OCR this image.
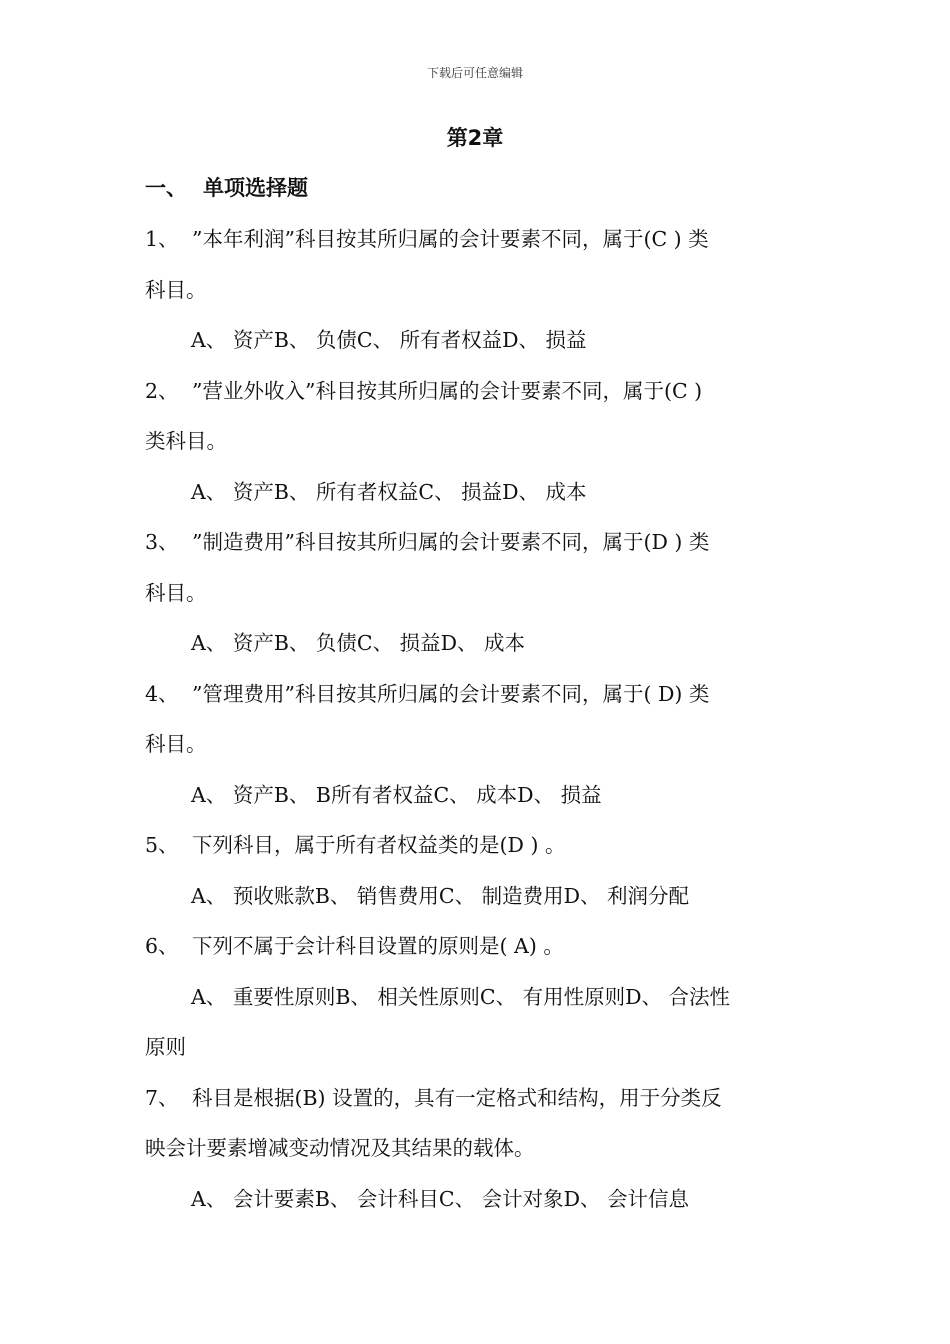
下载后可任意编辑
第2章
一、 单项选择题
1、 ”本年利润”科目按其所归属的会计要素不同，属于(C ) 类
科目。
A、 资产B、 负债C、 所有者权益D、 损益
2、 ”营业外收入”科目按其所归属的会计要素不同，属于(C )
类科目。
A、 资产B、 所有者权益C、 损益D、 成本
3、 ”制造费用”科目按其所归属的会计要素不同，属于(D ) 类
科目。
A、 资产B、 负债C、 损益D、 成本
4、 ”管理费用”科目按其所归属的会计要素不同，属于( D) 类
科目。
A、 资产B、 B所有者权益C、 成本D、 损益
5、 下列科目，属于所有者权益类的是(D ) 。
A、 预收账款B、 销售费用C、 制造费用D、 利润分配
6、 下列不属于会计科目设置的原则是( A) 。
A、 重要性原则B、 相关性原则C、 有用性原则D、 合法性
原则
7、 科目是根据(B) 设置的，具有一定格式和结构，用于分类反
映会计要素增减变动情况及其结果的载体。
A、 会计要素B、 会计科目C、 会计对象D、 会计信息
